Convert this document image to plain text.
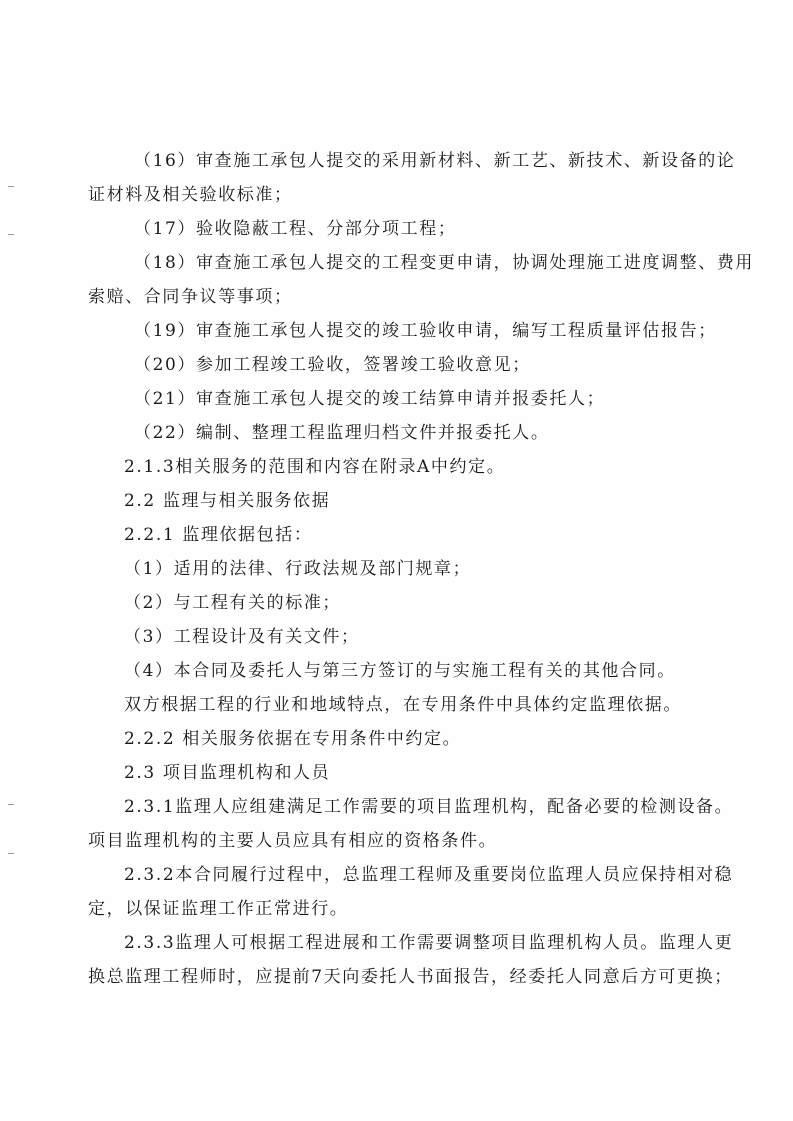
（16）审查施工承包人提交的采用新材料、新工艺、新技术、新设备的论
证材料及相关验收标准；
（17）验收隐蔽工程、分部分项工程；
（18）审查施工承包人提交的工程变更申请，协调处理施工进度调整、费用
索赔、合同争议等事项；
（19）审查施工承包人提交的竣工验收申请，编写工程质量评估报告；
（20）参加工程竣工验收，签署竣工验收意见；
（21）审查施工承包人提交的竣工结算申请并报委托人；
（22）编制、整理工程监理归档文件并报委托人。
2.1.3相关服务的范围和内容在附录A中约定。
2.2 监理与相关服务依据
2.2.1 监理依据包括：
（1）适用的法律、行政法规及部门规章；
（2）与工程有关的标准；
（3）工程设计及有关文件；
（4）本合同及委托人与第三方签订的与实施工程有关的其他合同。
双方根据工程的行业和地域特点，在专用条件中具体约定监理依据。
2.2.2 相关服务依据在专用条件中约定。
2.3 项目监理机构和人员
2.3.1监理人应组建满足工作需要的项目监理机构，配备必要的检测设备。
项目监理机构的主要人员应具有相应的资格条件。
2.3.2本合同履行过程中，总监理工程师及重要岗位监理人员应保持相对稳
定，以保证监理工作正常进行。
2.3.3监理人可根据工程进展和工作需要调整项目监理机构人员。监理人更
换总监理工程师时，应提前7天向委托人书面报告，经委托人同意后方可更换；
